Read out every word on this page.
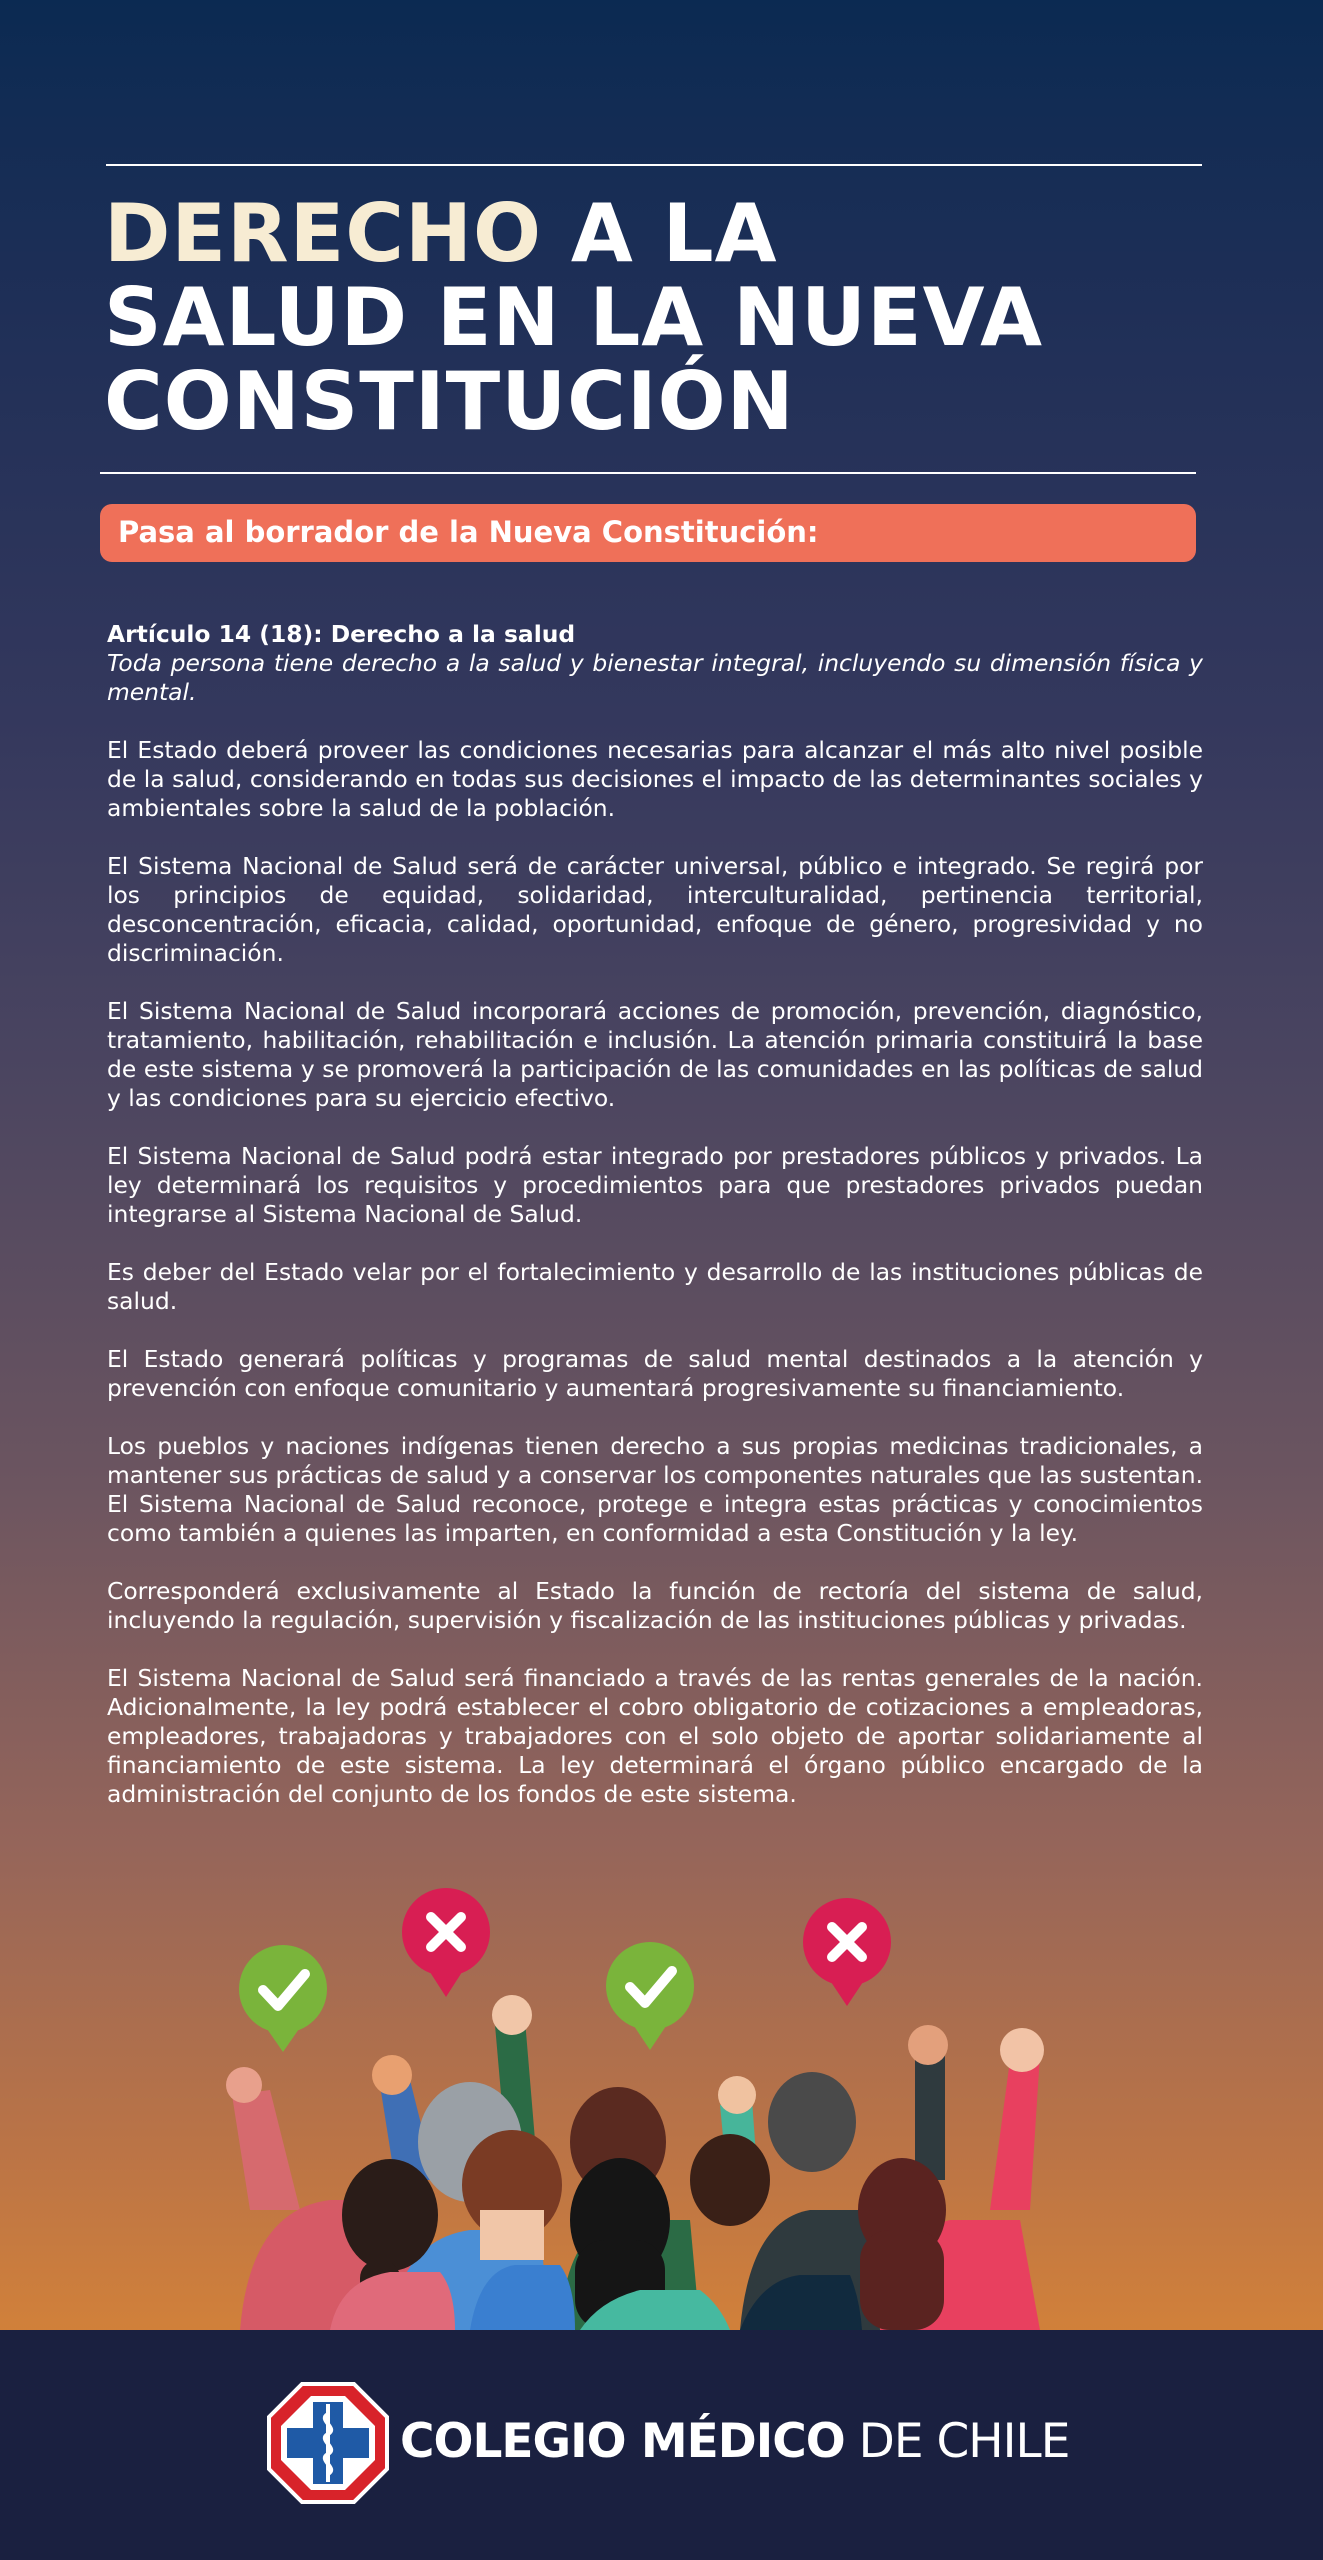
DERECHO A LA
SALUD EN LA NUEVA
CONSTITUCIÓN
Pasa al borrador de la Nueva Constitución:

Artículo 14 (18): Derecho a la salud
Toda persona tiene derecho a la salud y bienestar integral, incluyendo su dimensión física y mental.

El Estado deberá proveer las condiciones necesarias para alcanzar el más alto nivel posible de la salud, considerando en todas sus decisiones el impacto de las determinantes sociales y ambientales sobre la salud de la población.

El Sistema Nacional de Salud será de carácter universal, público e integrado. Se regirá por los principios de equidad, solidaridad, interculturalidad, pertinencia territorial, desconcentración, eficacia, calidad, oportunidad, enfoque de género, progresividad y no discriminación.

El Sistema Nacional de Salud incorporará acciones de promoción, prevención, diagnóstico, tratamiento, habilitación, rehabilitación e inclusión. La atención primaria constituirá la base de este sistema y se promoverá la participación de las comunidades en las políticas de salud y las condiciones para su ejercicio efectivo.

El Sistema Nacional de Salud podrá estar integrado por prestadores públicos y privados. La ley determinará los requisitos y procedimientos para que prestadores privados puedan integrarse al Sistema Nacional de Salud.

Es deber del Estado velar por el fortalecimiento y desarrollo de las instituciones públicas de salud.

El Estado generará políticas y programas de salud mental destinados a la atención y prevención con enfoque comunitario y aumentará progresivamente su financiamiento.

Los pueblos y naciones indígenas tienen derecho a sus propias medicinas tradicionales, a mantener sus prácticas de salud y a conservar los componentes naturales que las sustentan. El Sistema Nacional de Salud reconoce, protege e integra estas prácticas y conocimientos como también a quienes las imparten, en conformidad a esta Constitución y la ley.

Corresponderá exclusivamente al Estado la función de rectoría del sistema de salud, incluyendo la regulación, supervisión y fiscalización de las instituciones públicas y privadas.

El Sistema Nacional de Salud será financiado a través de las rentas generales de la nación. Adicionalmente, la ley podrá establecer el cobro obligatorio de cotizaciones a empleadoras, empleadores, trabajadoras y trabajadores con el solo objeto de aportar solidariamente al financiamiento de este sistema. La ley determinará el órgano público encargado de la administración del conjunto de los fondos de este sistema.

COLEGIO MÉDICO DE CHILE
